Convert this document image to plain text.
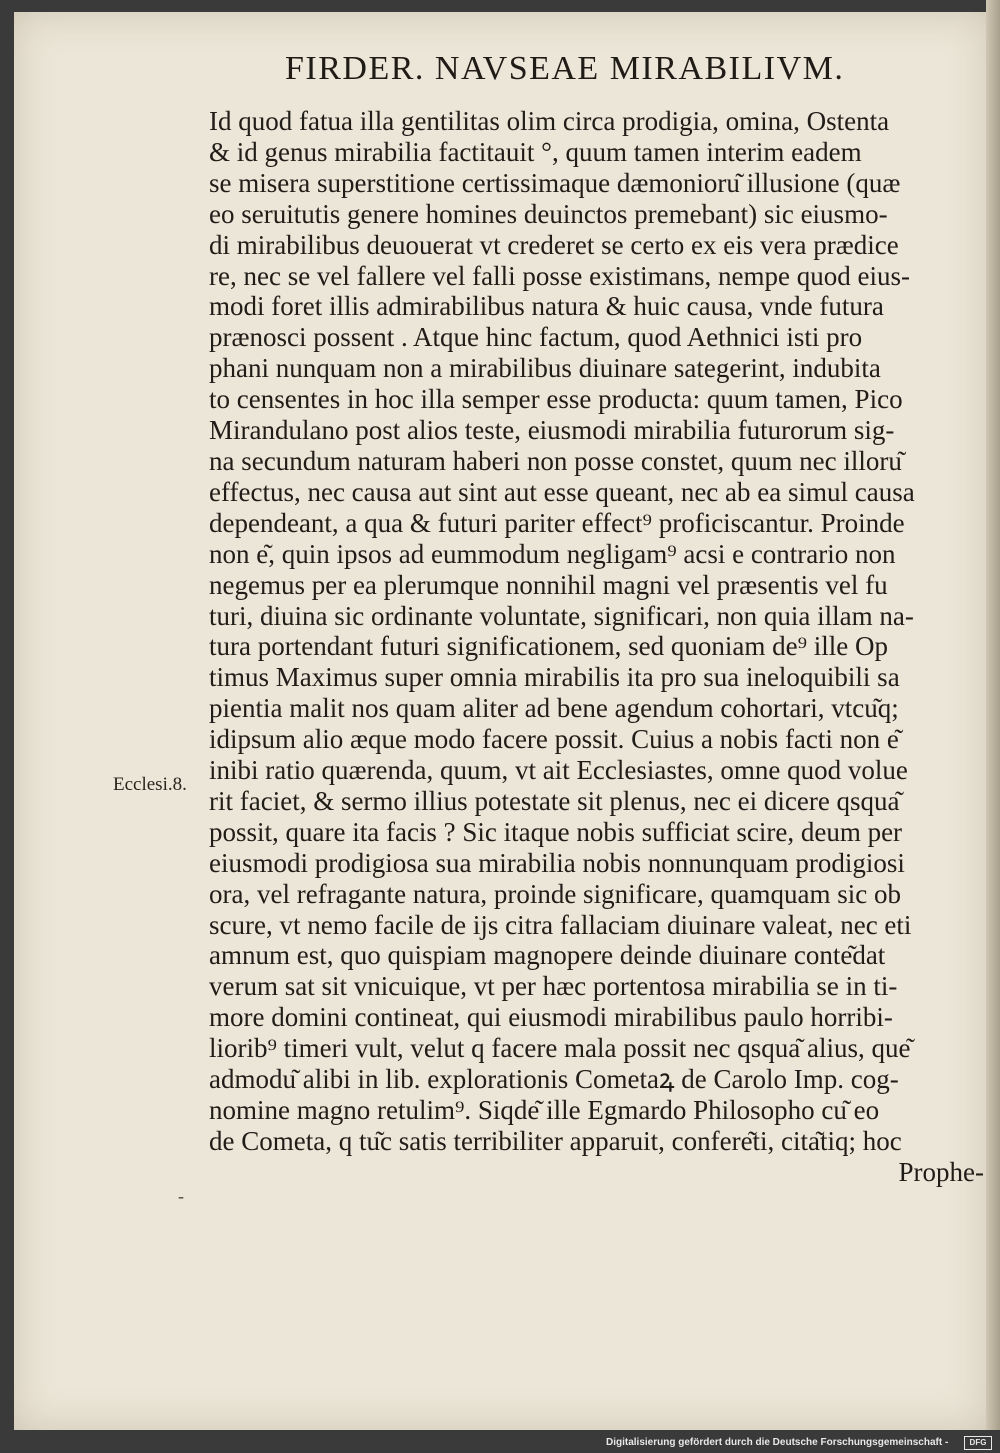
FIRDER. NAVSEAE MIRABILIVM.
Id quod fatua illa gentilitas olim circa prodigia, omina, Ostenta
& id genus mirabilia factitauit °, quum tamen interim eadem
se misera superstitione certissimaque dæmonioru͂ illusione (quæ
eo seruitutis genere homines deuinctos premebant) sic eiusmo-
di mirabilibus deuouerat vt crederet se certo ex eis vera prædice
re, nec se vel fallere vel falli posse existimans, nempe quod eius-
modi foret illis admirabilibus natura & huic causa, vnde futura
prænosci possent . Atque hinc factum, quod Aethnici isti pro
phani nunquam non a mirabilibus diuinare sategerint, indubita
to censentes in hoc illa semper esse producta: quum tamen, Pico
Mirandulano post alios teste, eiusmodi mirabilia futurorum sig-
na secundum naturam haberi non posse constet, quum nec illoru͂
effectus, nec causa aut sint aut esse queant, nec ab ea simul causa
dependeant, a qua & futuri pariter effect⁹ proficiscantur. Proinde
non e͂, quin ipsos ad eummodum negligam⁹ acsi e contrario non
negemus per ea plerumque nonnihil magni vel præsentis vel fu
turi, diuina sic ordinante voluntate, significari, non quia illam na-
tura portendant futuri significationem, sed quoniam de⁹ ille Op
timus Maximus super omnia mirabilis ita pro sua ineloquibili sa
pientia malit nos quam aliter ad bene agendum cohortari, vtcu͂q;
idipsum alio æque modo facere possit. Cuius a nobis facti non e͂
inibi ratio quærenda, quum, vt ait Ecclesiastes, omne quod volue
rit faciet, & sermo illius potestate sit plenus, nec ei dicere qsqua͂
possit, quare ita facis ? Sic itaque nobis sufficiat scire, deum per
eiusmodi prodigiosa sua mirabilia nobis nonnunquam prodigiosi
ora, vel refragante natura, proinde significare, quamquam sic ob
scure, vt nemo facile de ijs citra fallaciam diuinare valeat, nec eti
amnum est, quo quispiam magnopere deinde diuinare conte͂dat
verum sat sit vnicuique, vt per hæc portentosa mirabilia se in ti-
more domini contineat, qui eiusmodi mirabilibus paulo horribi-
liorib⁹ timeri vult, velut q facere mala possit nec qsqua͂ alius, que͂
admodu͂ alibi in lib. explorationis Cometaꝝ de Carolo Imp. cog-
nomine magno retulim⁹. Siqde͂ ille Egmardo Philosopho cu͂ eo
de Cometa, q tu͂c satis terribiliter apparuit, confere͂ti, cita͂tiq; hoc
Prophe-
Ecclesi.8.
-
Digitalisierung gefördert durch die Deutsche Forschungsgemeinschaft -	DFG
